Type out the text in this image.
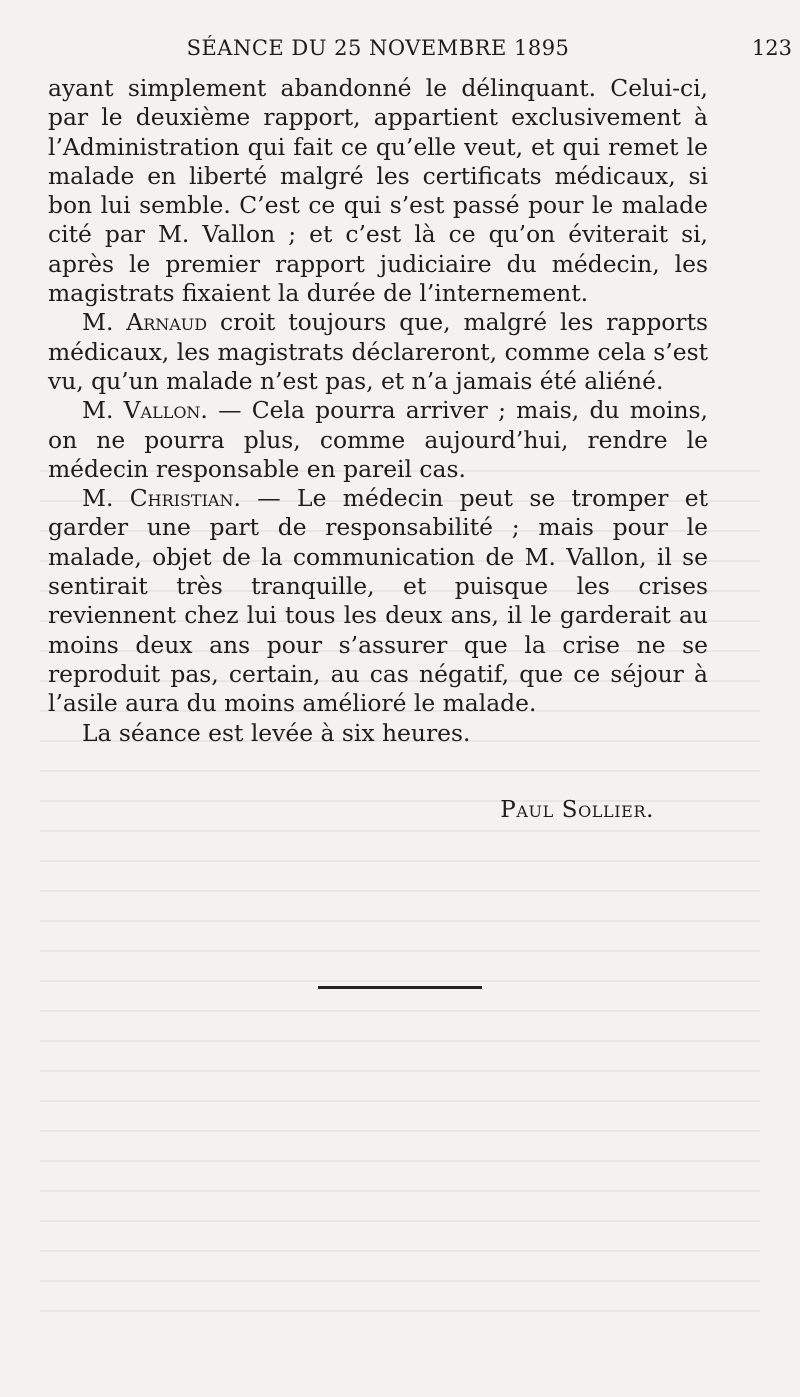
SÉANCE DU 25 NOVEMBRE 1895	123

ayant simplement abandonné le délinquant. Celui-ci, par le deuxième rapport, appartient exclusivement à l’Administration qui fait ce qu’elle veut, et qui remet le malade en liberté malgré les certificats médicaux, si bon lui semble. C’est ce qui s’est passé pour le malade cité par M. Vallon ; et c’est là ce qu’on éviterait si, après le premier rapport judiciaire du médecin, les magistrats fixaient la durée de l’internement.

M. Arnaud croit toujours que, malgré les rapports médicaux, les magistrats déclareront, comme cela s’est vu, qu’un malade n’est pas, et n’a jamais été aliéné.

M. Vallon. — Cela pourra arriver ; mais, du moins, on ne pourra plus, comme aujourd’hui, rendre le médecin responsable en pareil cas.

M. Christian. — Le médecin peut se tromper et garder une part de responsabilité ; mais pour le malade, objet de la communication de M. Vallon, il se sentirait très tranquille, et puisque les crises reviennent chez lui tous les deux ans, il le garderait au moins deux ans pour s’assurer que la crise ne se reproduit pas, certain, au cas négatif, que ce séjour à l’asile aura du moins amélioré le malade.

La séance est levée à six heures.

Paul Sollier.
